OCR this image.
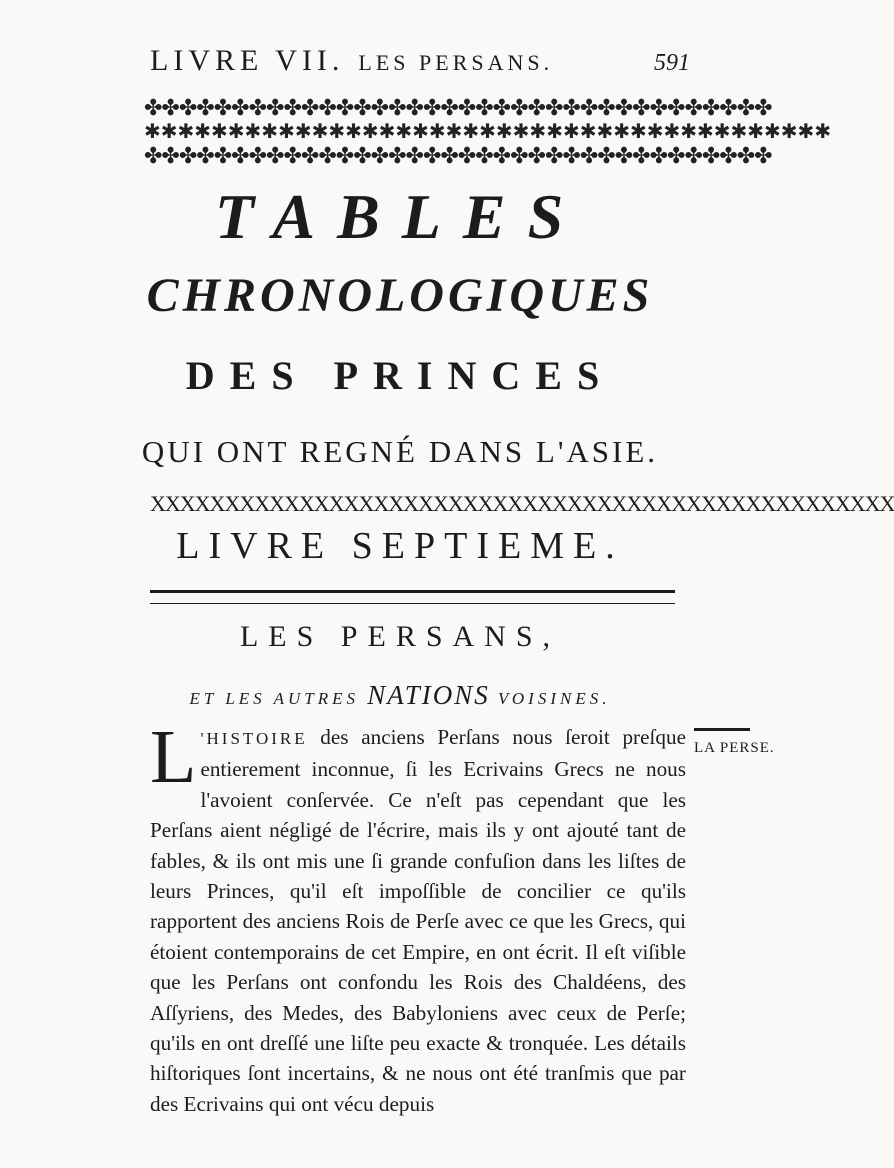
LIVRE VII. LES PERSANS.	591
✤✤✤✤✤✤✤✤✤✤✤✤✤✤✤✤✤✤✤✤✤✤✤✤✤✤✤✤✤✤✤✤✤✤✤✤
✱✱✱✱✱✱✱✱✱✱✱✱✱✱✱✱✱✱✱✱✱✱✱✱✱✱✱✱✱✱✱✱✱✱✱✱✱✱✱✱✱
✤✤✤✤✤✤✤✤✤✤✤✤✤✤✤✤✤✤✤✤✤✤✤✤✤✤✤✤✤✤✤✤✤✤✤✤
TABLES
CHRONOLOGIQUES
DES PRINCES
QUI ONT REGNÉ DANS L'ASIE.
XXXXXXXXXXXXXXXXXXXXXXXXXXXXXXXXXXXXXXXXXXXXXXXXXX
LIVRE SEPTIEME.
LES PERSANS,
ET LES AUTRES NATIONS VOISINES.
LA PERSE.

L 'HISTOIRE des anciens Perſans nous ſeroit preſque entierement inconnue, ſi les Ecrivains Grecs ne nous l'avoient conſervée. Ce n'eſt pas cependant que les Perſans aient négligé de l'écrire, mais ils y ont ajouté tant de fables, & ils ont mis une ſi grande confuſion dans les liſtes de leurs Princes, qu'il eſt impoſſible de concilier ce qu'ils rapportent des anciens Rois de Perſe avec ce que les Grecs, qui étoient contemporains de cet Empire, en ont écrit. Il eſt viſible que les Perſans ont confondu les Rois des Chaldéens, des Aſſyriens, des Medes, des Babyloniens avec ceux de Perſe; qu'ils en ont dreſſé une liſte peu exacte & tronquée. Les détails hiſtoriques ſont incertains, & ne nous ont été tranſmis que par des Ecrivains qui ont vécu depuis
